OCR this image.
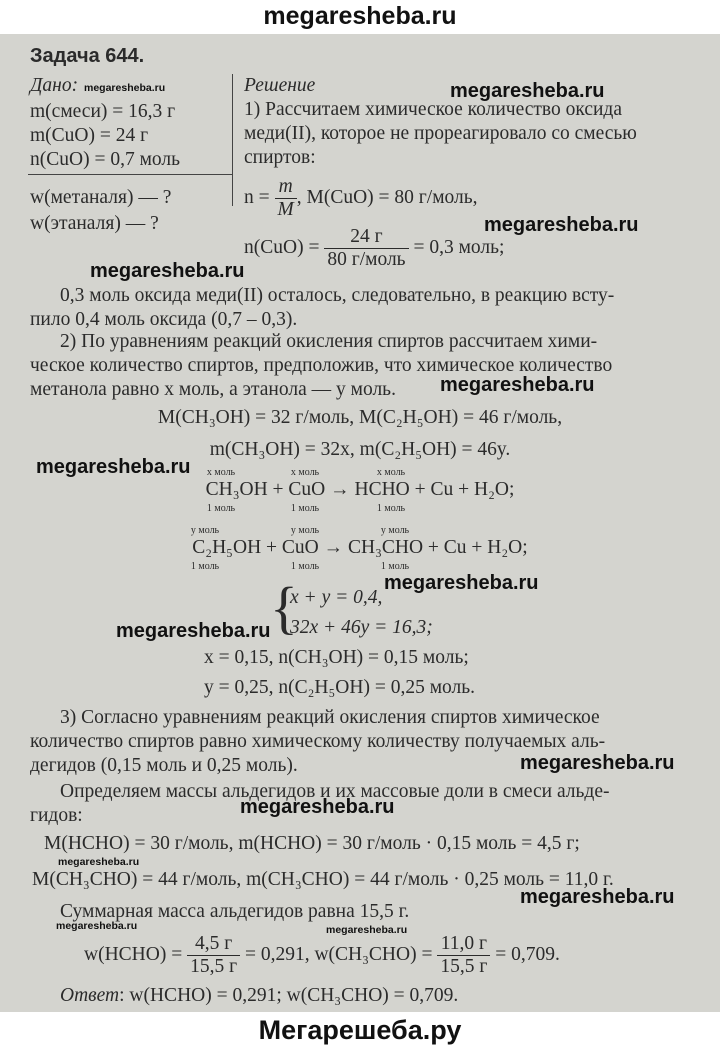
megaresheba.ru
Задача 644.
Дано:
m(смеси) = 16,3 г
m(CuO) = 24 г
n(CuO) = 0,7 моль
w(метаналя) — ?
w(этаналя) — ?
Решение
1) Рассчитаем химическое количество оксида
меди(II), которое не прореагировало со смесью
спиртов:
$n = \frac{m}{M}$ , M(CuO) = 80 г/моль,
$n(CuO) = \frac{24 г}{\text{80 г/моль}} = 0,3$ моль;
0,3 моль оксида меди(II) осталось, следовательно, в реакцию всту-
пило 0,4 моль оксида (0,7 – 0,3).
2) По уравнениям реакций окисления спиртов рассчитаем хими-
ческое количество спиртов, предположив, что химическое количество
метанола равно x моль, а этанола — y моль.
M(CH₃OH) = 32 г/моль, M(C₂H₅OH) = 46 г/моль,
m(CH₃OH) = 32x, m(C₂H₅OH) = 46y.
x моль	x моль	x моль
CH₃OH + CuO → HCHO + Cu + H₂O;
1 моль	1 моль	1 моль
y моль	y моль	y моль
C₂H₅OH + CuO → CH₃CHO + Cu + H₂O;
1 моль	1 моль	1 моль
{
x + y = 0,4,
32x + 46y = 16,3;
x = 0,15, n(CH₃OH) = 0,15 моль;
y = 0,25, n(C₂H₅OH) = 0,25 моль.
3) Согласно уравнениям реакций окисления спиртов химическое
количество спиртов равно химическому количеству получаемых аль-
дегидов (0,15 моль и 0,25 моль).
Определяем массы альдегидов и их массовые доли в смеси альде-
гидов:
M(HCHO) = 30 г/моль, m(HCHO) = 30 г/моль · 0,15 моль = 4,5 г;
M(CH₃CHO) = 44 г/моль, m(CH₃CHO) = 44 г/моль · 0,25 моль = 11,0 г.
Суммарная масса альдегидов равна 15,5 г.
w(HCHO) = $\frac{4,5 г}{15,5 г} = 0,291$, $w(CH_3CHO) = \frac{11,0 г}{15,5 г} = 0,709$.
Ответ: w(HCHO) = 0,291; w(CH₃CHO) = 0,709.
megaresheba.ru
megaresheba.ru
megaresheba.ru
megaresheba.ru
megaresheba.ru
megaresheba.ru
megaresheba.ru
megaresheba.ru
megaresheba.ru
megaresheba.ru
megaresheba.ru
megaresheba.ru
megaresheba.ru	megaresheba.ru
Мегарешеба.ру
